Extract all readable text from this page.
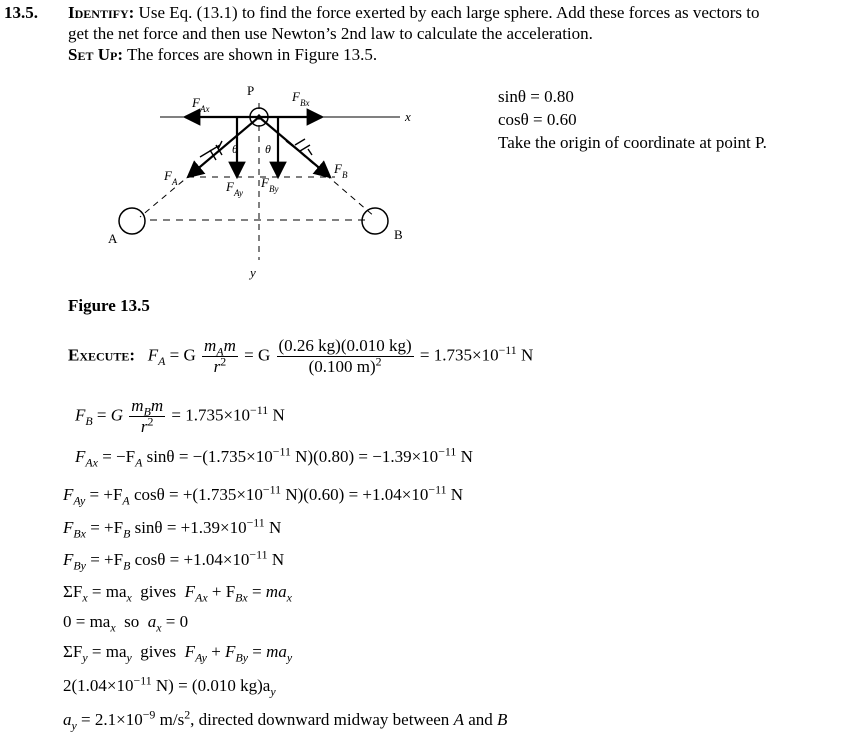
13.5. Identify: Use Eq. (13.1) to find the force exerted by each large sphere. Add these forces as vectors to
get the net force and then use Newton’s 2nd law to calculate the acceleration.
Set Up: The forces are shown in Figure 13.5.
sinθ = 0.80
cosθ = 0.60
Take the origin of coordinate at point P.
P
x
y
A	B
θ θ
$F_{Ax}$
$F_{Bx}$
$F_A$
$F_B$
$F_{Ay}$
$F_{By}$
Figure 13.5
Execute: $F_A = G \frac{m_Am}{r^2} = G \frac{(0.26 kg)(0.010 kg)}{(0.100 m)^2} = 1.735\times 10^{-11}$ N
$F_B = G \frac{m_Bm}{r^2} = 1.735\times 10^{-11}$ N
$F_{Ax} = -F_A$ $\sin\theta = -(1.735\times 10^{-11}$ $N)(0.80) = -1.39\times 10^{-11}$ N
$F_{Ay} = +F_A$ $\cos\theta = +(1.735\times 10^{-11}$ $N)(0.60) = +1.04\times 10^{-11}$ N
$F_{Bx} = +F_B$ $\sin\theta = +1.39\times 10^{-11}$ N
$F_{By} = +F_B$ $\cos\theta = +1.04\times 10^{-11}$ N
$\Sigma F_x = ma_x$ gives $F_{Ax} + F_{Bx} = ma_x$
$0 = ma_x$ so $a_x = 0$
$\Sigma F_y = ma_y$ gives $F_{Ay} + F_{By} = ma_y$
$2(1.04\times 10^{-11}$ N) = (0.010 $kg)a_y$
$a_y = 2.1\times 10^{-9}$ $m/s^2$, directed downward midway between A and B
